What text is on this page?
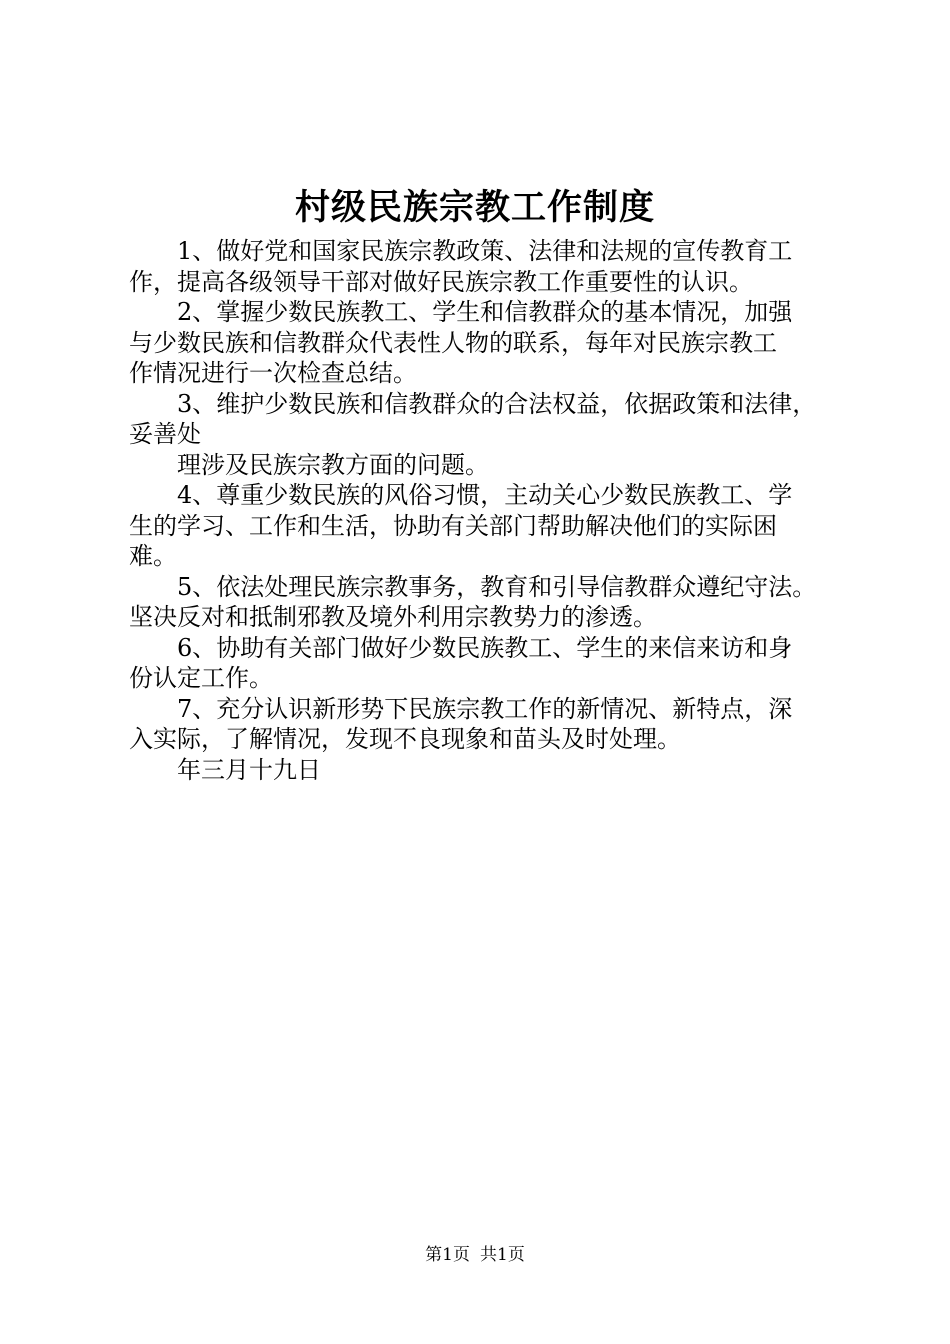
村级民族宗教工作制度
1、做好党和国家民族宗教政策、法律和法规的宣传教育工
作，提高各级领导干部对做好民族宗教工作重要性的认识。
2、掌握少数民族教工、学生和信教群众的基本情况，加强
与少数民族和信教群众代表性人物的联系，每年对民族宗教工
作情况进行一次检查总结。
3、维护少数民族和信教群众的合法权益，依据政策和法律，
妥善处
理涉及民族宗教方面的问题。
4、尊重少数民族的风俗习惯，主动关心少数民族教工、学
生的学习、工作和生活，协助有关部门帮助解决他们的实际困
难。
5、依法处理民族宗教事务，教育和引导信教群众遵纪守法。
坚决反对和抵制邪教及境外利用宗教势力的渗透。
6、协助有关部门做好少数民族教工、学生的来信来访和身
份认定工作。
7、充分认识新形势下民族宗教工作的新情况、新特点，深
入实际，了解情况，发现不良现象和苗头及时处理。
年三月十九日
第1页 共1页
